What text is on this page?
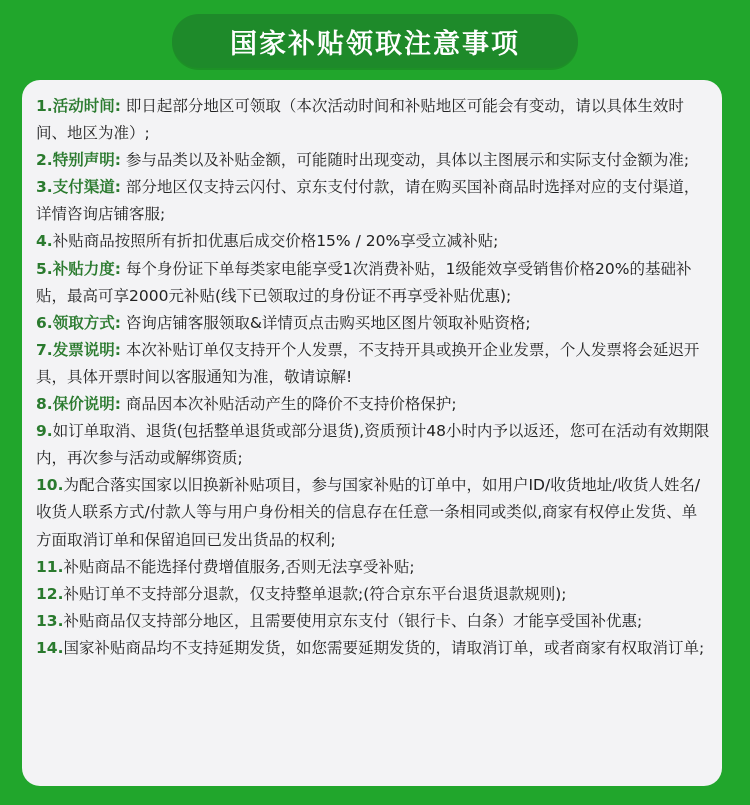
国家补贴领取注意事项

1.活动时间: 即日起部分地区可领取（本次活动时间和补贴地区可能会有变动，请以具体生效时间、地区为准）;

2.特别声明: 参与品类以及补贴金额，可能随时出现变动，具体以主图展示和实际支付金额为准;

3.支付渠道: 部分地区仅支持云闪付、京东支付付款，请在购买国补商品时选择对应的支付渠道，详情咨询店铺客服;

4.补贴商品按照所有折扣优惠后成交价格15% / 20%享受立减补贴;

5.补贴力度: 每个身份证下单每类家电能享受1次消费补贴，1级能效享受销售价格20%的基础补贴，最高可享2000元补贴(线下已领取过的身份证不再享受补贴优惠);

6.领取方式: 咨询店铺客服领取&详情页点击购买地区图片领取补贴资格;

7.发票说明: 本次补贴订单仅支持开个人发票，不支持开具或换开企业发票，个人发票将会延迟开具，具体开票时间以客服通知为准，敬请谅解!

8.保价说明: 商品因本次补贴活动产生的降价不支持价格保护;

9.如订单取消、退货(包括整单退货或部分退货),资质预计48小时内予以返还，您可在活动有效期限内，再次参与活动或解绑资质;

10.为配合落实国家以旧换新补贴项目，参与国家补贴的订单中，如用户ID/收货地址/收货人姓名/收货人联系方式/付款人等与用户身份相关的信息存在任意一条相同或类似,商家有权停止发货、单方面取消订单和保留追回已发出货品的权利;

11.补贴商品不能选择付费增值服务,否则无法享受补贴;

12.补贴订单不支持部分退款，仅支持整单退款;(符合京东平台退货退款规则);

13.补贴商品仅支持部分地区，且需要使用京东支付（银行卡、白条）才能享受国补优惠;

14.国家补贴商品均不支持延期发货，如您需要延期发货的，请取消订单，或者商家有权取消订单;
